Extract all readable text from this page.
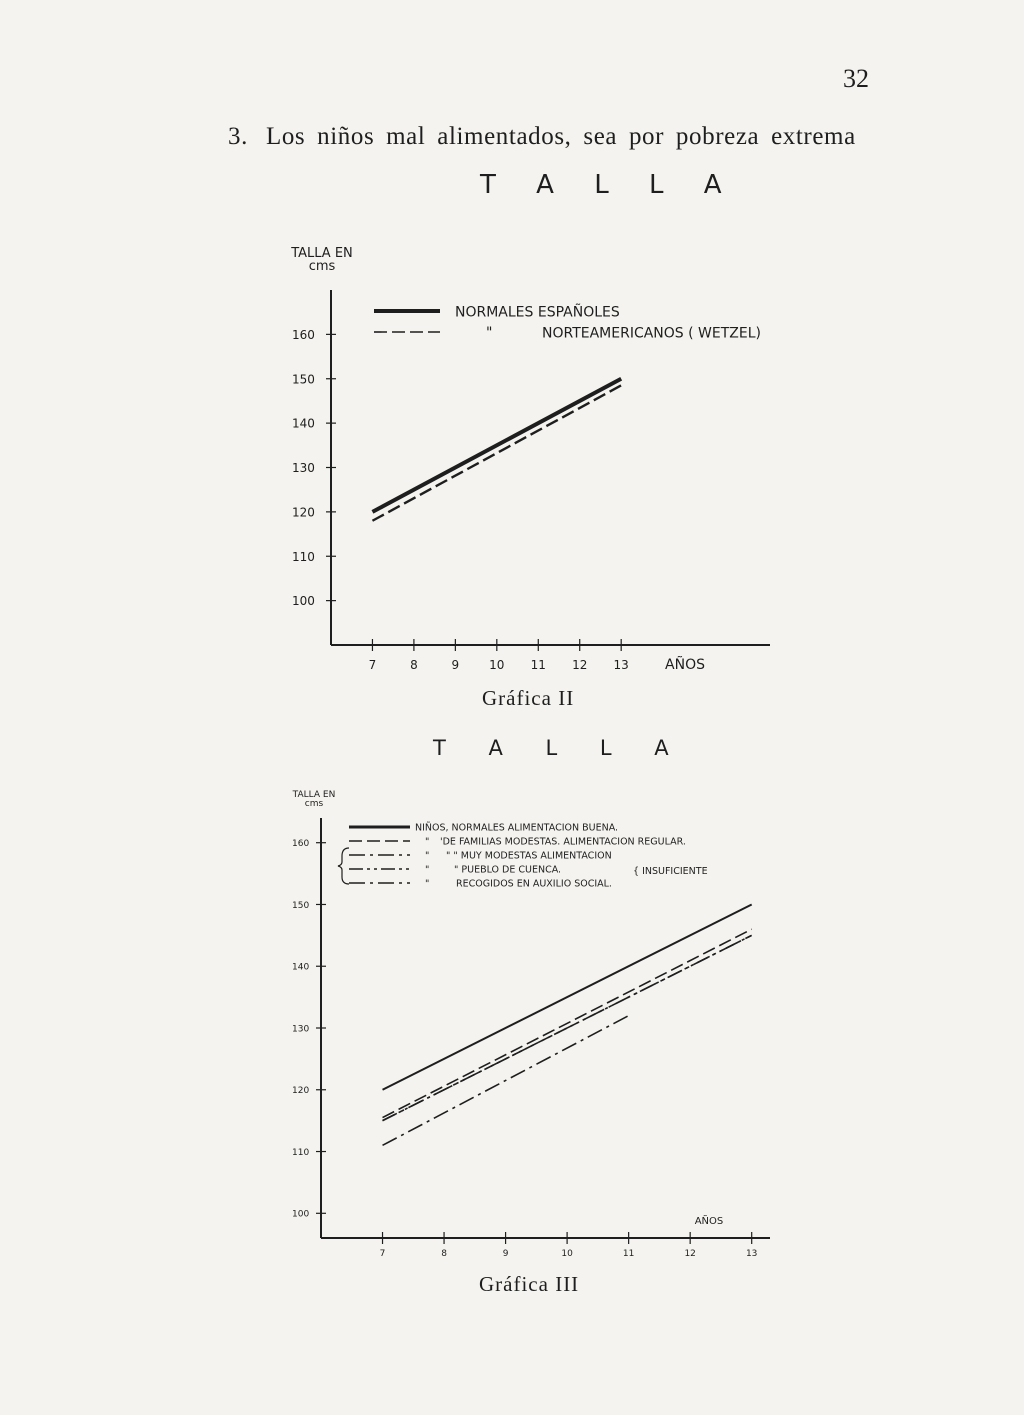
32
3. Los niños mal alimentados, sea por pobreza extrema
T A L L A
Gráfica II
T A L L A
Gráfica III
100
110
120
130
140
150
160
7	8	9 10 11 12 13
TALLA EN
cms
AÑOS
NORMALES ESPAÑOLES
"	NORTEAMERICANOS ( WETZEL)
100
110
120
130
140
150
160
7	8	9	10	11	12	13
TALLA EN
cms
AÑOS
NIÑOS, NORMALES ALIMENTACION BUENA.
" 'DE FAMILIAS MODESTAS. ALIMENTACION REGULAR.
" " " MUY MODESTAS ALIMENTACION
"	" PUEBLO DE CUENCA.
"	RECOGIDOS EN AUXILIO SOCIAL.
{ INSUFICIENTE
